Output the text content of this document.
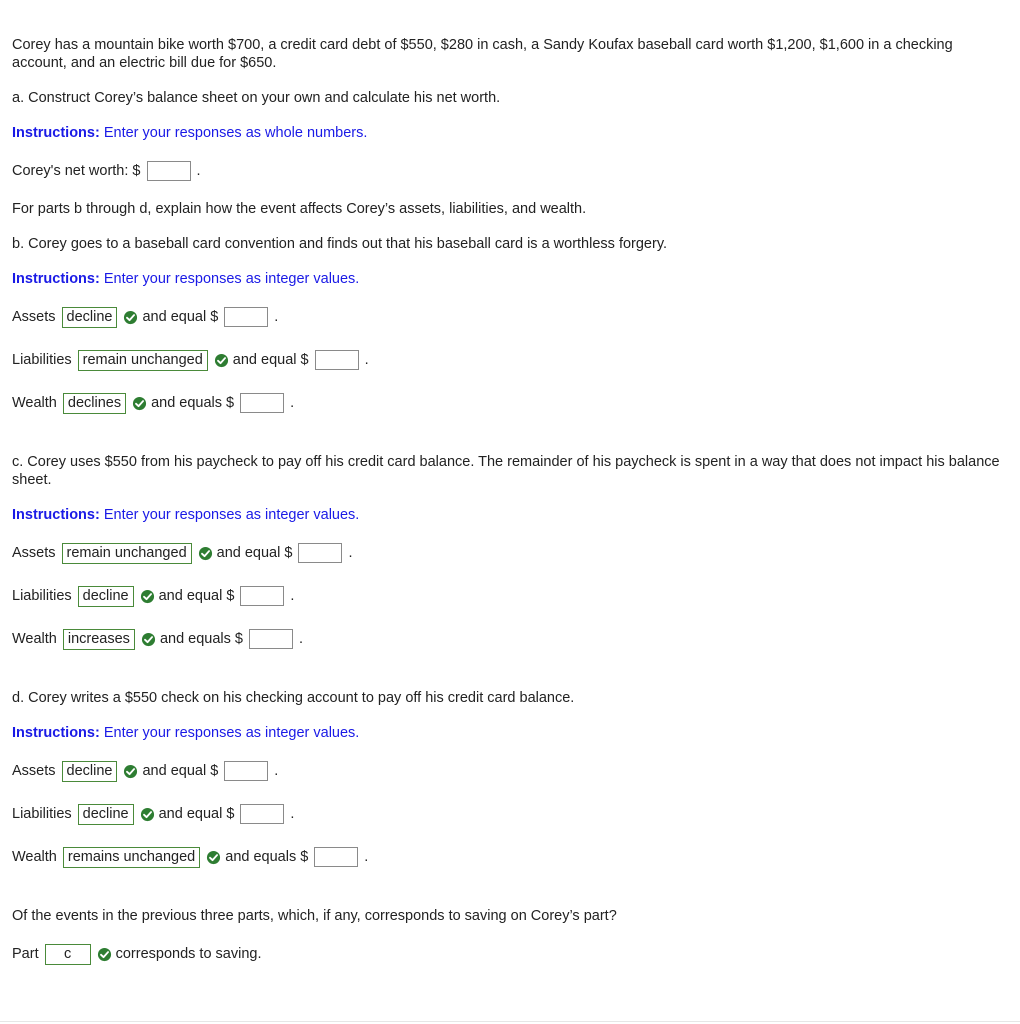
Corey has a mountain bike worth $700, a credit card debt of $550, $280 in cash, a Sandy Koufax baseball card worth $1,200, $1,600 in a checking account, and an electric bill due for $650.

a. Construct Corey’s balance sheet on your own and calculate his net worth.

Instructions: Enter your responses as whole numbers.

Corey's net worth: $	.

For parts b through d, explain how the event affects Corey’s assets, liabilities, and wealth.

b. Corey goes to a baseball card convention and finds out that his baseball card is a worthless forgery.

Instructions: Enter your responses as integer values.

Assets decline	and equal $	.
Liabilities remain unchanged	and equal $	.
Wealth declines	and equals $	.

c. Corey uses $550 from his paycheck to pay off his credit card balance. The remainder of his paycheck is spent in a way that does not impact his balance sheet.

Instructions: Enter your responses as integer values.

Assets remain unchanged	and equal $	.
Liabilities decline	and equal $	.
Wealth increases	and equals $	.

d. Corey writes a $550 check on his checking account to pay off his credit card balance.

Instructions: Enter your responses as integer values.

Assets decline	and equal $	.
Liabilities decline	and equal $	.
Wealth remains unchanged	and equals $	.

Of the events in the previous three parts, which, if any, corresponds to saving on Corey’s part?

Part	c	corresponds to saving.
